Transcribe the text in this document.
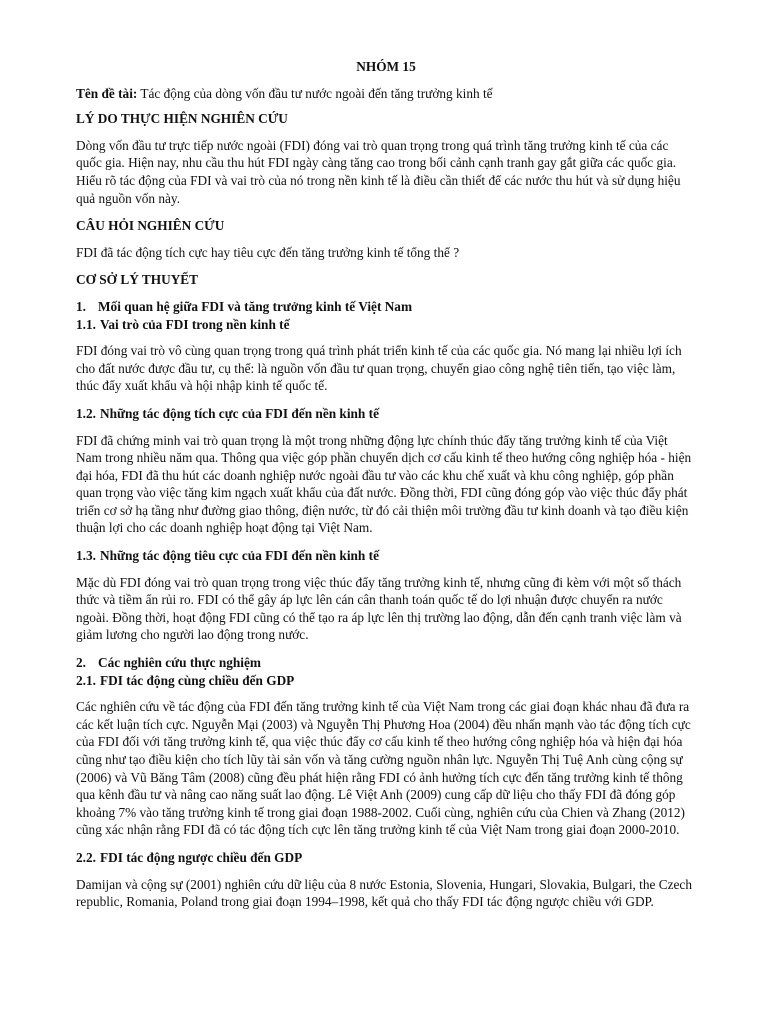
NHÓM 15

Tên đề tài: Tác động của dòng vốn đầu tư nước ngoài đến tăng trưởng kinh tế

LÝ DO THỰC HIỆN NGHIÊN CỨU

Dòng vốn đầu tư trực tiếp nước ngoài (FDI) đóng vai trò quan trọng trong quá trình tăng trưởng kinh tế của các quốc gia. Hiện nay, nhu cầu thu hút FDI ngày càng tăng cao trong bối cảnh cạnh tranh gay gắt giữa các quốc gia. Hiểu rõ tác động của FDI và vai trò của nó trong nền kinh tế là điều cần thiết để các nước thu hút và sử dụng hiệu quả nguồn vốn này.

CÂU HỎI NGHIÊN CỨU

FDI đã tác động tích cực hay tiêu cực đến tăng trưởng kinh tế tổng thể ?

CƠ SỞ LÝ THUYẾT

1. Mối quan hệ giữa FDI và tăng trưởng kinh tế Việt Nam

1.1. Vai trò của FDI trong nền kinh tế

FDI đóng vai trò vô cùng quan trọng trong quá trình phát triển kinh tế của các quốc gia. Nó mang lại nhiều lợi ích cho đất nước được đầu tư, cụ thể: là nguồn vốn đầu tư quan trọng, chuyển giao công nghệ tiên tiến, tạo việc làm, thúc đẩy xuất khẩu và hội nhập kinh tế quốc tế.

1.2. Những tác động tích cực của FDI đến nền kinh tế

FDI đã chứng minh vai trò quan trọng là một trong những động lực chính thúc đẩy tăng trưởng kinh tế của Việt Nam trong nhiều năm qua. Thông qua việc góp phần chuyển dịch cơ cấu kinh tế theo hướng công nghiệp hóa - hiện đại hóa, FDI đã thu hút các doanh nghiệp nước ngoài đầu tư vào các khu chế xuất và khu công nghiệp, góp phần quan trọng vào việc tăng kim ngạch xuất khẩu của đất nước. Đồng thời, FDI cũng đóng góp vào việc thúc đẩy phát triển cơ sở hạ tầng như đường giao thông, điện nước, từ đó cải thiện môi trường đầu tư kinh doanh và tạo điều kiện thuận lợi cho các doanh nghiệp hoạt động tại Việt Nam.

1.3. Những tác động tiêu cực của FDI đến nền kinh tế

Mặc dù FDI đóng vai trò quan trọng trong việc thúc đẩy tăng trưởng kinh tế, nhưng cũng đi kèm với một số thách thức và tiềm ẩn rủi ro. FDI có thể gây áp lực lên cán cân thanh toán quốc tế do lợi nhuận được chuyển ra nước ngoài. Đồng thời, hoạt động FDI cũng có thể tạo ra áp lực lên thị trường lao động, dẫn đến cạnh tranh việc làm và giảm lương cho người lao động trong nước.

2. Các nghiên cứu thực nghiệm

2.1. FDI tác động cùng chiều đến GDP

Các nghiên cứu về tác động của FDI đến tăng trưởng kinh tế của Việt Nam trong các giai đoạn khác nhau đã đưa ra các kết luận tích cực. Nguyễn Mại (2003) và Nguyễn Thị Phương Hoa (2004) đều nhấn mạnh vào tác động tích cực của FDI đối với tăng trưởng kinh tế, qua việc thúc đẩy cơ cấu kinh tế theo hướng công nghiệp hóa và hiện đại hóa cũng như tạo điều kiện cho tích lũy tài sản vốn và tăng cường nguồn nhân lực. Nguyễn Thị Tuệ Anh cùng cộng sự (2006) và Vũ Băng Tâm (2008) cũng đều phát hiện rằng FDI có ảnh hưởng tích cực đến tăng trưởng kinh tế thông qua kênh đầu tư và nâng cao năng suất lao động. Lê Việt Anh (2009) cung cấp dữ liệu cho thấy FDI đã đóng góp khoảng 7% vào tăng trưởng kinh tế trong giai đoạn 1988-2002. Cuối cùng, nghiên cứu của Chien và Zhang (2012) cũng xác nhận rằng FDI đã có tác động tích cực lên tăng trưởng kinh tế của Việt Nam trong giai đoạn 2000-2010.

2.2. FDI tác động ngược chiều đến GDP

Damijan và cộng sự (2001) nghiên cứu dữ liệu của 8 nước Estonia, Slovenia, Hungari, Slovakia, Bulgari, the Czech republic, Romania, Poland trong giai đoạn 1994–1998, kết quả cho thấy FDI tác động ngược chiều với GDP.
